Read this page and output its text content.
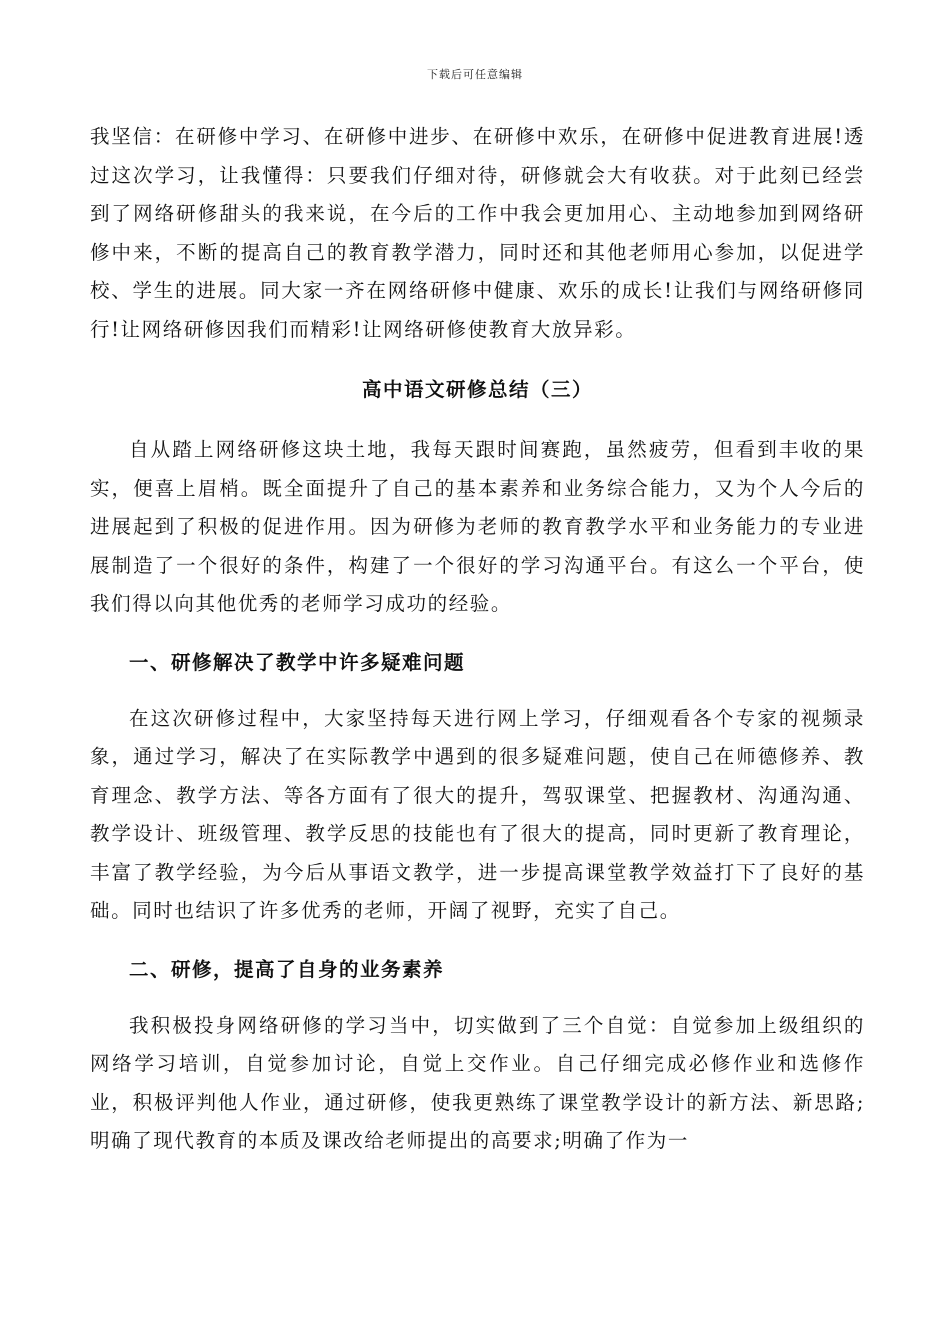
下载后可任意编辑

我坚信：在研修中学习、在研修中进步、在研修中欢乐，在研修中促进教育进展!透过这次学习，让我懂得：只要我们仔细对待，研修就会大有收获。对于此刻已经尝到了网络研修甜头的我来说，在今后的工作中我会更加用心、主动地参加到网络研修中来，不断的提高自己的教育教学潜力，同时还和其他老师用心参加，以促进学校、学生的进展。同大家一齐在网络研修中健康、欢乐的成长!让我们与网络研修同行!让网络研修因我们而精彩!让网络研修使教育大放异彩。

高中语文研修总结（三）

自从踏上网络研修这块土地，我每天跟时间赛跑，虽然疲劳，但看到丰收的果实，便喜上眉梢。既全面提升了自己的基本素养和业务综合能力，又为个人今后的进展起到了积极的促进作用。因为研修为老师的教育教学水平和业务能力的专业进展制造了一个很好的条件，构建了一个很好的学习沟通平台。有这么一个平台，使我们得以向其他优秀的老师学习成功的经验。

一、研修解决了教学中许多疑难问题

在这次研修过程中，大家坚持每天进行网上学习，仔细观看各个专家的视频录象，通过学习，解决了在实际教学中遇到的很多疑难问题，使自己在师德修养、教育理念、教学方法、等各方面有了很大的提升，驾驭课堂、把握教材、沟通沟通、教学设计、班级管理、教学反思的技能也有了很大的提高，同时更新了教育理论，丰富了教学经验，为今后从事语文教学，进一步提高课堂教学效益打下了良好的基础。同时也结识了许多优秀的老师，开阔了视野，充实了自己。

二、研修，提高了自身的业务素养

我积极投身网络研修的学习当中，切实做到了三个自觉：自觉参加上级组织的网络学习培训，自觉参加讨论，自觉上交作业。自己仔细完成必修作业和选修作业，积极评判他人作业，通过研修，使我更熟练了课堂教学设计的新方法、新思路;明确了现代教育的本质及课改给老师提出的高要求;明确了作为一
